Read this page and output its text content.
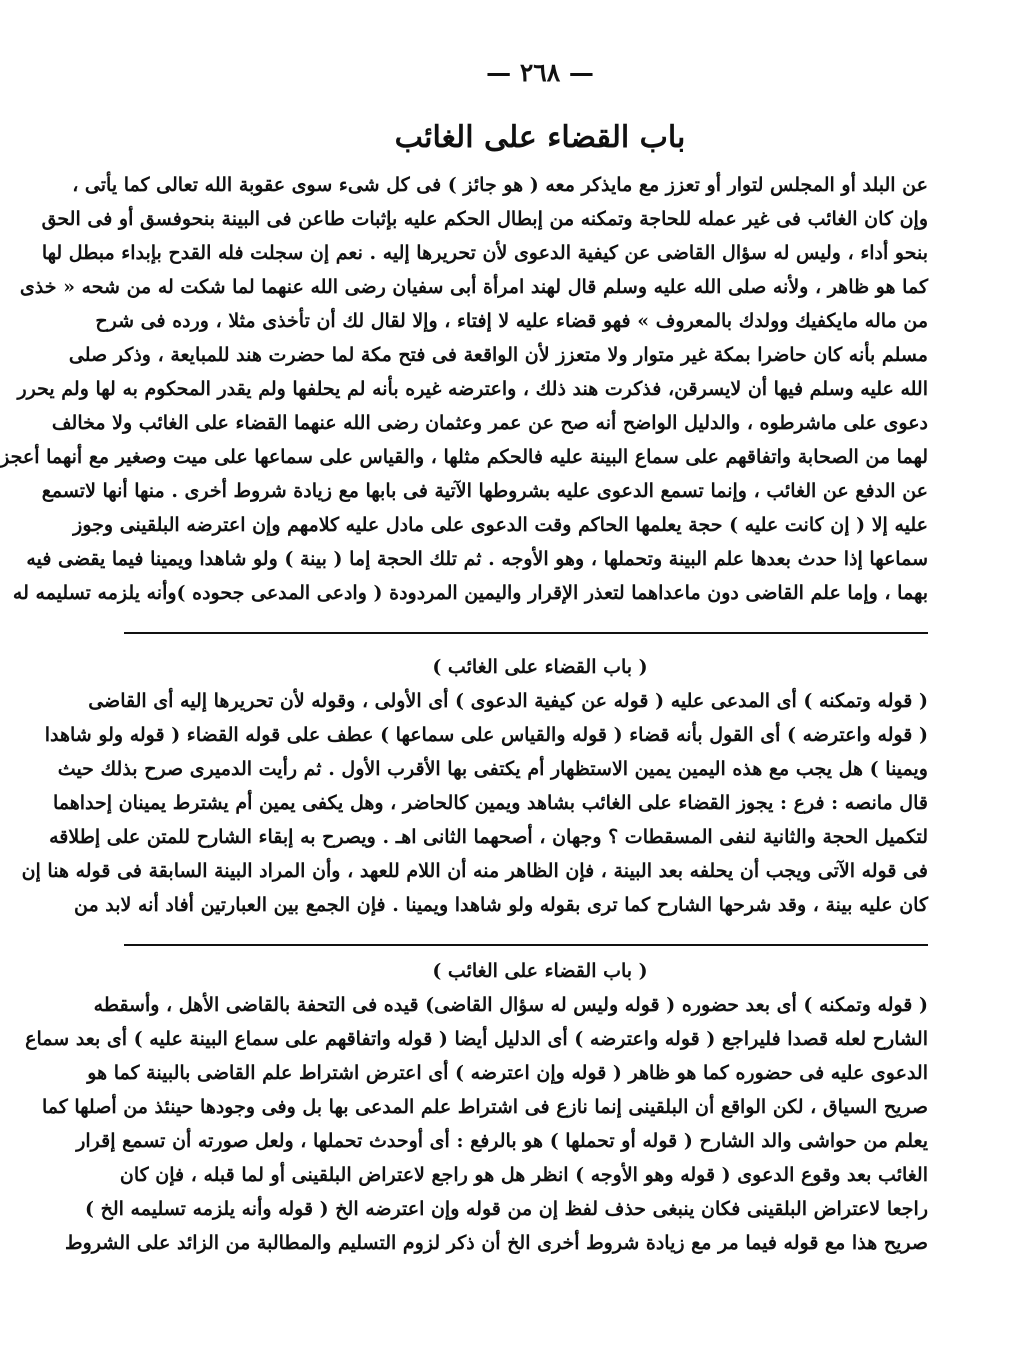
— ٢٦٨ —
باب القضاء على الغائب
عن البلد أو المجلس لتوار أو تعزز مع مايذكر معه ( هو جائز ) فى كل شىء سوى عقوبة الله تعالى كما يأتى ،
وإن كان الغائب فى غير عمله للحاجة وتمكنه من إبطال الحكم عليه بإثبات طاعن فى البينة بنحوفسق أو فى الحق
بنحو أداء ، وليس له سؤال القاضى عن كيفية الدعوى لأن تحريرها إليه . نعم إن سجلت فله القدح بإبداء مبطل لها
كما هو ظاهر ، ولأنه صلى الله عليه وسلم قال لهند امرأة أبى سفيان رضى الله عنهما لما شكت له من شحه « خذى
من ماله مايكفيك وولدك بالمعروف » فهو قضاء عليه لا إفتاء ، وإلا لقال لك أن تأخذى مثلا ، ورده فى شرح
مسلم بأنه كان حاضرا بمكة غير متوار ولا متعزز لأن الواقعة فى فتح مكة لما حضرت هند للمبايعة ، وذكر صلى
الله عليه وسلم فيها أن لايسرقن، فذكرت هند ذلك ، واعترضه غيره بأنه لم يحلفها ولم يقدر المحكوم به لها ولم يحرر
دعوى على ماشرطوه ، والدليل الواضح أنه صح عن عمر وعثمان رضى الله عنهما القضاء على الغائب ولا مخالف
لهما من الصحابة واتفاقهم على سماع البينة عليه فالحكم مثلها ، والقياس على سماعها على ميت وصغير مع أنهما أعجز
عن الدفع عن الغائب ، وإنما تسمع الدعوى عليه بشروطها الآتية فى بابها مع زيادة شروط أخرى . منها أنها لاتسمع
عليه إلا ( إن كانت عليه ) حجة يعلمها الحاكم وقت الدعوى على مادل عليه كلامهم وإن اعترضه البلقينى وجوز
سماعها إذا حدث بعدها علم البينة وتحملها ، وهو الأوجه . ثم تلك الحجة إما ( بينة ) ولو شاهدا ويمينا فيما يقضى فيه
بهما ، وإما علم القاضى دون ماعداهما لتعذر الإقرار واليمين المردودة ( وادعى المدعى جحوده )وأنه يلزمه تسليمه له
( باب القضاء على الغائب )
( قوله وتمكنه ) أى المدعى عليه ( قوله عن كيفية الدعوى ) أى الأولى ، وقوله لأن تحريرها إليه أى القاضى
( قوله واعترضه ) أى القول بأنه قضاء ( قوله والقياس على سماعها ) عطف على قوله القضاء ( قوله ولو شاهدا
ويمينا ) هل يجب مع هذه اليمين يمين الاستظهار أم يكتفى بها الأقرب الأول . ثم رأيت الدميرى صرح بذلك حيث
قال مانصه : فرع : يجوز القضاء على الغائب بشاهد ويمين كالحاضر ، وهل يكفى يمين أم يشترط يمينان إحداهما
لتكميل الحجة والثانية لنفى المسقطات ؟ وجهان ، أصحهما الثانى اهـ . ويصرح به إبقاء الشارح للمتن على إطلاقه
فى قوله الآتى ويجب أن يحلفه بعد البينة ، فإن الظاهر منه أن اللام للعهد ، وأن المراد البينة السابقة فى قوله هنا إن
كان عليه بينة ، وقد شرحها الشارح كما ترى بقوله ولو شاهدا ويمينا . فإن الجمع بين العبارتين أفاد أنه لابد من
( باب القضاء على الغائب )
( قوله وتمكنه ) أى بعد حضوره ( قوله وليس له سؤال القاضى) قيده فى التحفة بالقاضى الأهل ، وأسقطه
الشارح لعله قصدا فليراجع ( قوله واعترضه ) أى الدليل أيضا ( قوله واتفاقهم على سماع البينة عليه ) أى بعد سماع
الدعوى عليه فى حضوره كما هو ظاهر ( قوله وإن اعترضه ) أى اعترض اشتراط علم القاضى بالبينة كما هو
صريح السياق ، لكن الواقع أن البلقينى إنما نازع فى اشتراط علم المدعى بها بل وفى وجودها حينئذ من أصلها كما
يعلم من حواشى والد الشارح ( قوله أو تحملها ) هو بالرفع : أى أوحدث تحملها ، ولعل صورته أن تسمع إقرار
الغائب بعد وقوع الدعوى ( قوله وهو الأوجه ) انظر هل هو راجع لاعتراض البلقينى أو لما قبله ، فإن كان
راجعا لاعتراض البلقينى فكان ينبغى حذف لفظ إن من قوله وإن اعترضه الخ ( قوله وأنه يلزمه تسليمه الخ )
صريح هذا مع قوله فيما مر مع زيادة شروط أخرى الخ أن ذكر لزوم التسليم والمطالبة من الزائد على الشروط
